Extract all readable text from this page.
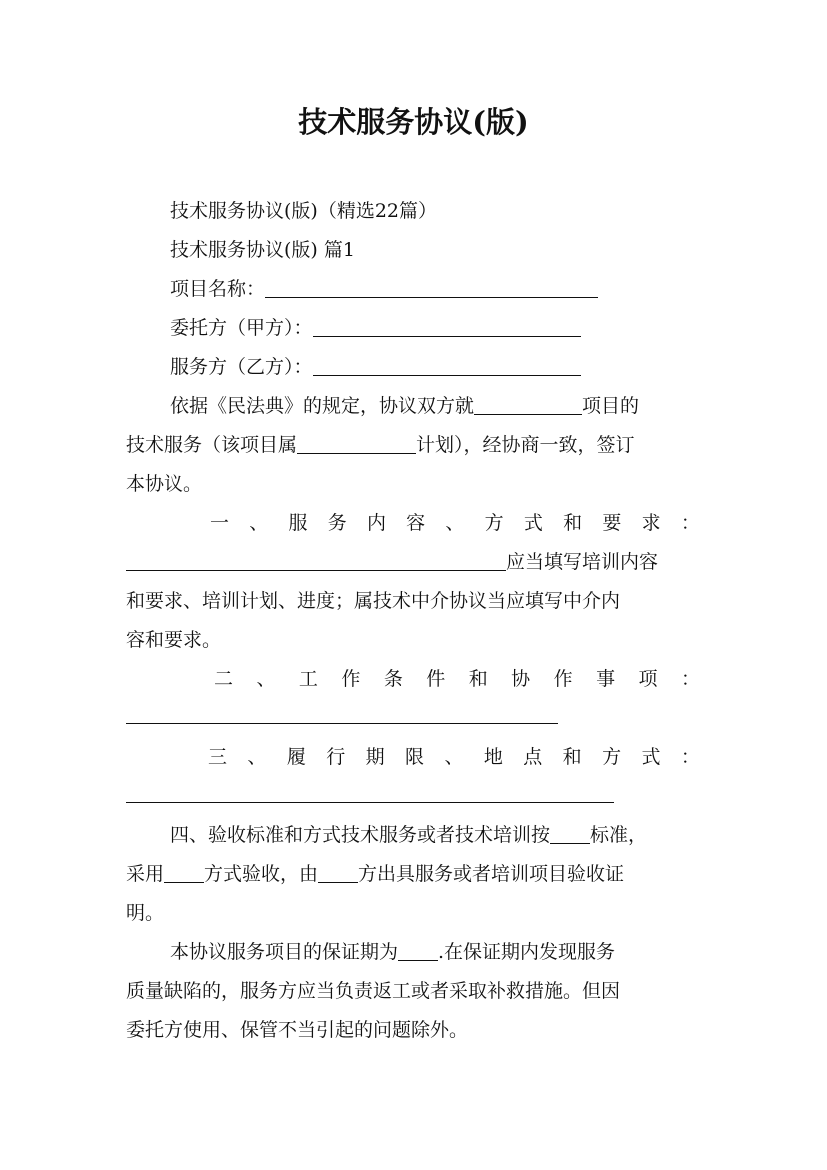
技术服务协议(版)
技术服务协议(版)（精选22篇）
技术服务协议(版) 篇1
项目名称：
委托方（甲方）：
服务方（乙方）：
依据《民法典》的规定，协议双方就	项目的
技术服务（该项目属	计划），经协商一致，签订
本协议。
一 、 服 务 内 容 、 方 式 和 要 求 ：
应当填写培训内容
和要求、培训计划、进度；属技术中介协议当应填写中介内
容和要求。
二 、 工 作 条 件 和 协 作 事 项 ：
三 、 履 行 期 限 、 地 点 和 方 式 ：
四、验收标准和方式技术服务或者技术培训按 标准，
采用 方式验收，由 方出具服务或者培训项目验收证
明。
本协议服务项目的保证期为 .在保证期内发现服务
质量缺陷的，服务方应当负责返工或者采取补救措施。但因
委托方使用、保管不当引起的问题除外。
